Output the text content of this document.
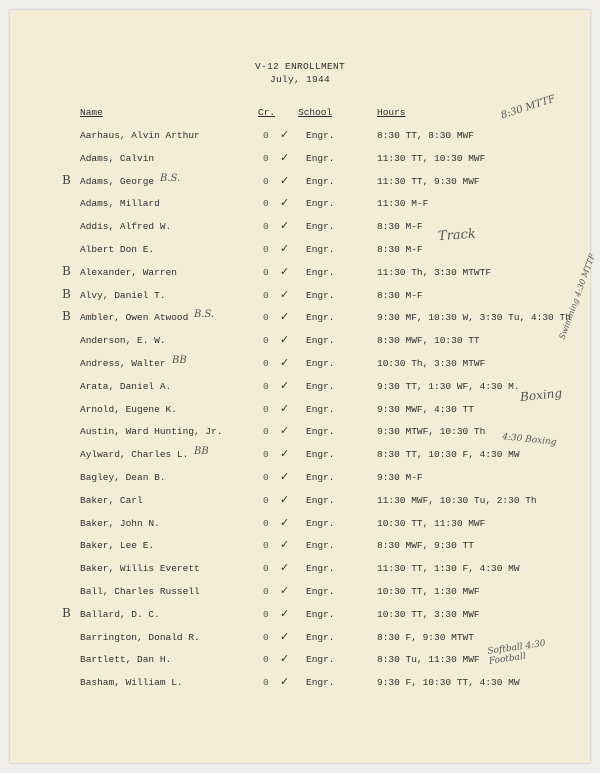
V-12 ENROLLMENT
July, 1944
Name	Cr. School	Hours	8:30 MTTF
Swimming 4:30 MTTF
Boxing
4:30 Boxing
Softball 4:30 Football
Track
Aarhaus, Alvin Arthur	0 ✓ Engr.	8:30 TT, 8:30 MWF
Adams, Calvin	0 ✓ Engr.	11:30 TT, 10:30 MWF
B Adams, George B.S.	0 ✓ Engr.	11:30 TT, 9:30 MWF
Adams, Millard	0 ✓ Engr.	11:30 M-F
Addis, Alfred W.	0 ✓ Engr.	8:30 M-F
Albert Don E.	0 ✓ Engr.	8:30 M-F
B Alexander, Warren	0 ✓ Engr.	11:30 Th, 3:30 MTWTF
B Alvy, Daniel T.	0 ✓ Engr.	8:30 M-F
B Ambler, Owen Atwood B.S.	0 ✓ Engr.	9:30 MF, 10:30 W, 3:30 Tu, 4:30 Th
Anderson, E. W.	0 ✓ Engr.	8:30 MWF, 10:30 TT
Andress, Walter BB	0 ✓ Engr.	10:30 Th, 3:30 MTWF
Arata, Daniel A.	0 ✓ Engr.	9:30 TT, 1:30 WF, 4:30 M.
Arnold, Eugene K.	0 ✓ Engr.	9:30 MWF, 4:30 TT
Austin, Ward Hunting, Jr.	0 ✓ Engr.	9:30 MTWF, 10:30 Th
Aylward, Charles L. BB	0 ✓ Engr.	8:30 TT, 10:30 F, 4:30 MW
Bagley, Dean B.	0 ✓ Engr.	9:30 M-F
Baker, Carl	0 ✓ Engr.	11:30 MWF, 10:30 Tu, 2:30 Th
Baker, John N.	0 ✓ Engr.	10:30 TT, 11:30 MWF
Baker, Lee E.	0 ✓ Engr.	8:30 MWF, 9:30 TT
Baker, Willis Everett	0 ✓ Engr.	11:30 TT, 1:30 F, 4:30 MW
Ball, Charles Russell	0 ✓ Engr.	10:30 TT, 1:30 MWF
B Ballard, D. C.	0 ✓ Engr.	10:30 TT, 3:30 MWF
Barrington, Donald R.	0 ✓ Engr.	8:30 F, 9:30 MTWT
Bartlett, Dan H.	0 ✓ Engr.	8:30 Tu, 11:30 MWF
Basham, William L.	0 ✓ Engr.	9:30 F, 10:30 TT, 4:30 MW
